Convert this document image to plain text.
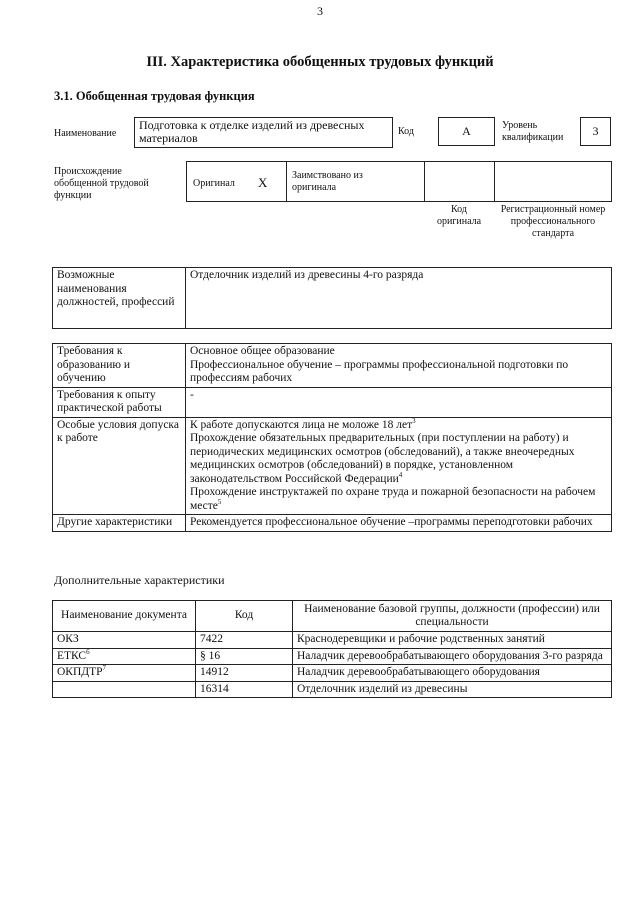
3
III. Характеристика обобщенных трудовых функций
3.1. Обобщенная трудовая функция
Наименование
Подготовка к отделке изделий из древесных материалов	Код	А	Уровень квалификации	3
Происхождение обобщенной трудовой функции
Оригинал X Заимствовано из оригинала
Код оригинала
Регистрационный номер профессионального стандарта
Возможные наименования должностей, профессий	Отделочник изделий из древесины 4-го разряда
Требования к образованию и обучению	Основное общее образование
Профессиональное обучение – программы профессиональной подготовки по профессиям рабочих

Требования к опыту практической работы	-
Особые условия допуска к работе	К работе допускаются лица не моложе 18 лет$^3$
Прохождение обязательных предварительных (при поступлении на работу) и периодических медицинских осмотров (обследований), а также внеочередных медицинских осмотров (обследований) в порядке, установленном законодательством Российской Федерации$^4$
Прохождение инструктажей по охране труда и пожарной безопасности на рабочем месте$^5$

Другие характеристики	Рекомендуется профессиональное обучение –программы переподготовки рабочих
Дополнительные характеристики
Наименование документа	Код	Наименование базовой группы, должности (профессии) или специальности
ОКЗ	7422	Краснодеревщики и рабочие родственных занятий
ЕТКС$^6$	§ 16	Наладчик деревообрабатывающего оборудования 3-го разряда
ОКПДТР$^7$	14912	Наладчик деревообрабатывающего оборудования
	16314	Отделочник изделий из древесины
